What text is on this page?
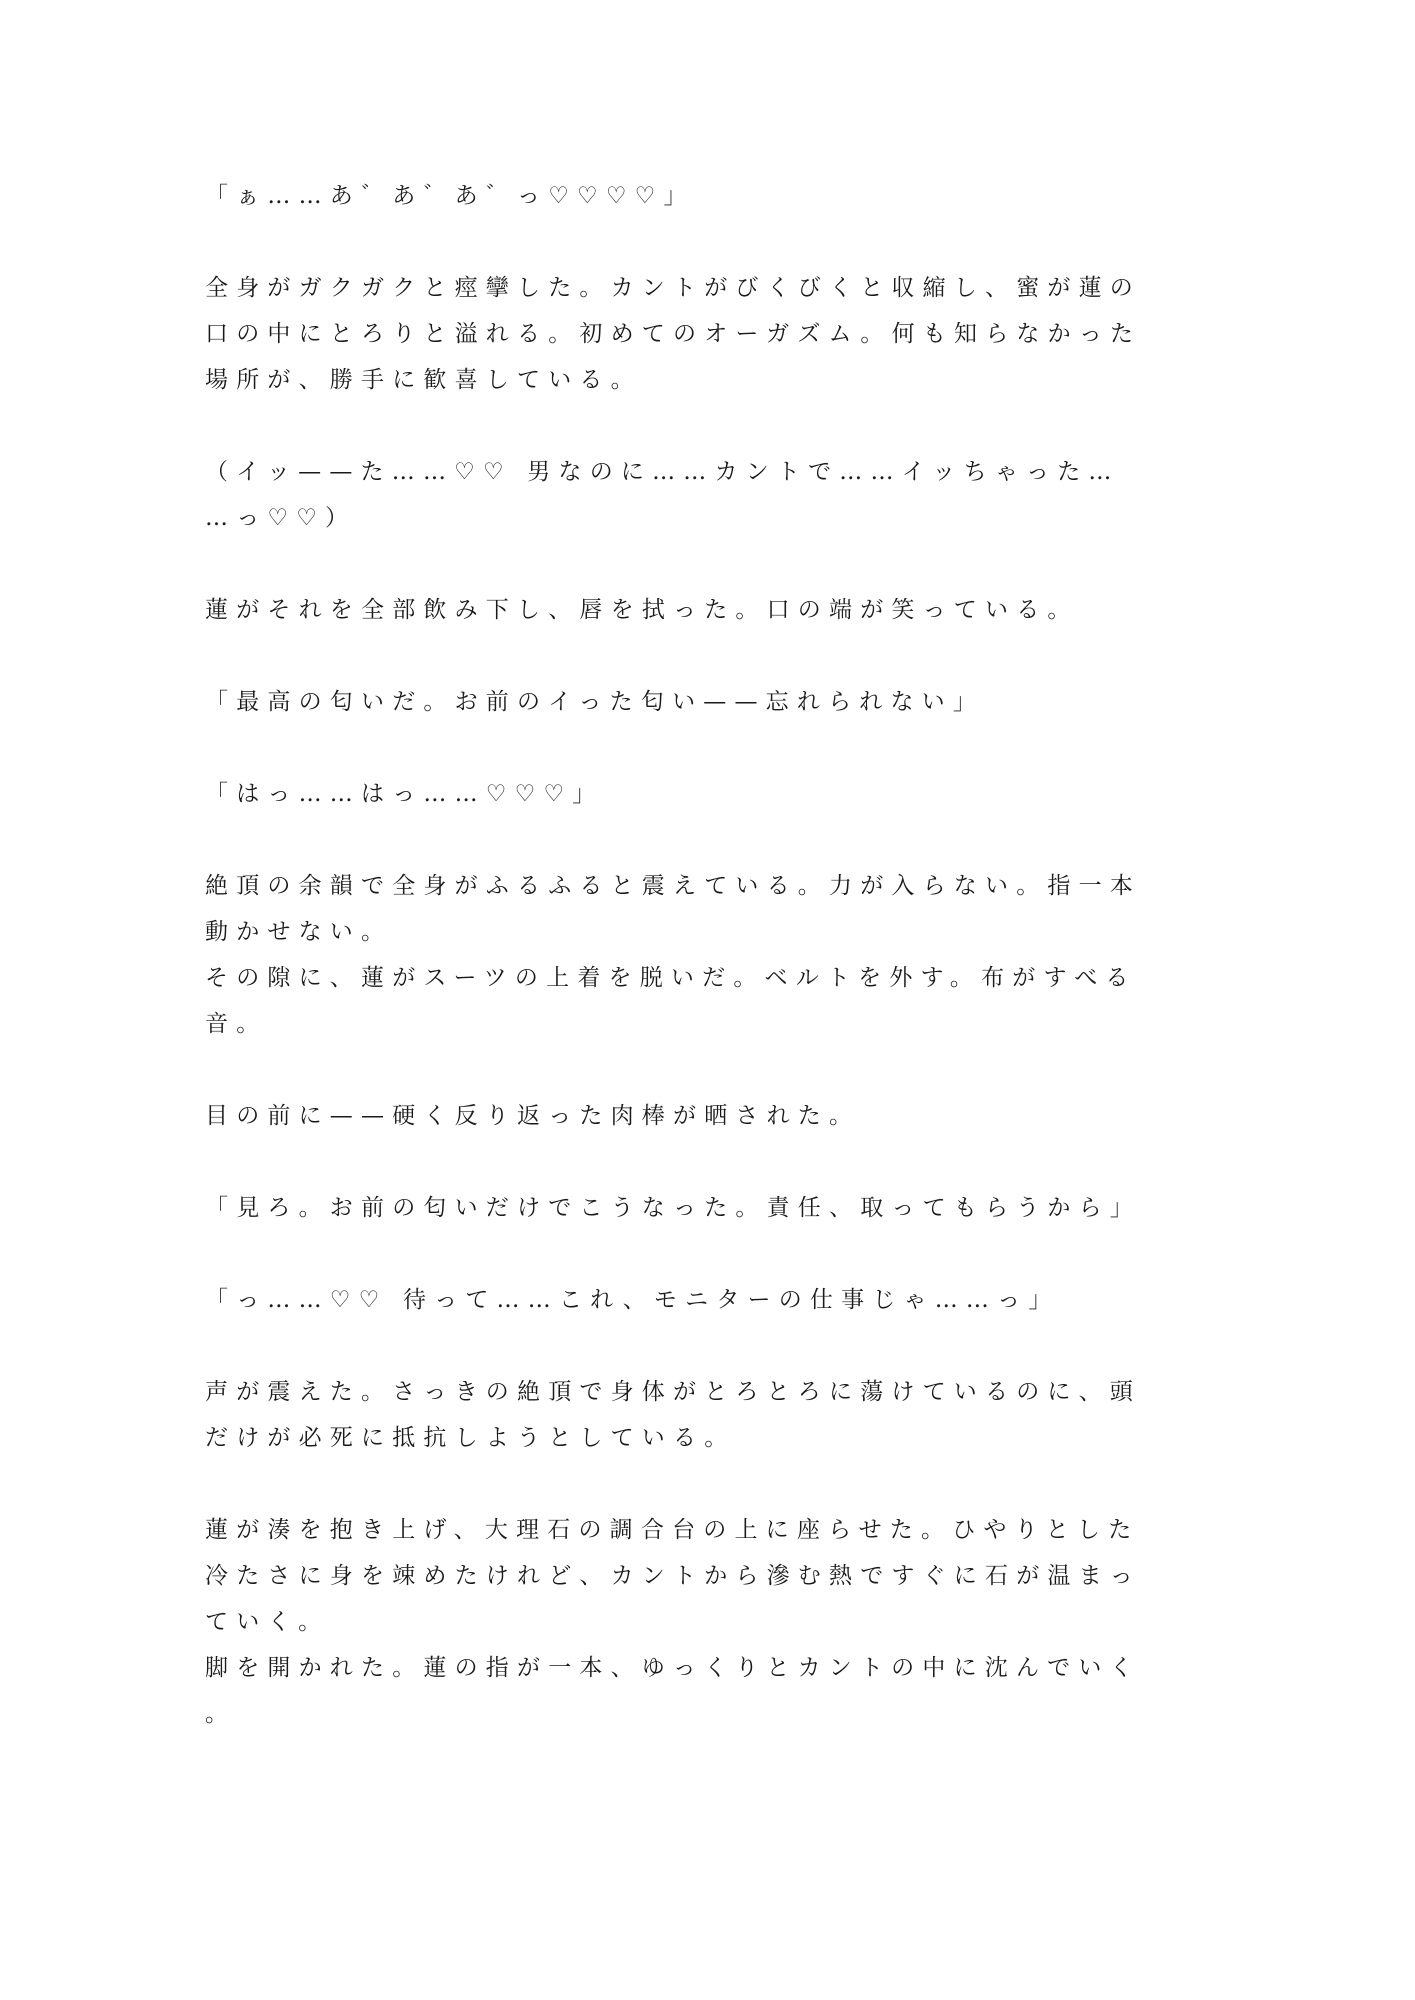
「ぁ……あ゛あ゛あ゛っ♡♡♡♡」
全身がガクガクと痙攣した。カントがびくびくと収縮し、蜜が蓮の
口の中にとろりと溢れる。初めてのオーガズム。何も知らなかった
場所が、勝手に歓喜している。
（イッ——た……♡♡ 男なのに……カントで……イッちゃった…
…っ♡♡）
蓮がそれを全部飲み下し、唇を拭った。口の端が笑っている。
「最高の匂いだ。お前のイった匂い——忘れられない」
「はっ……はっ……♡♡♡」
絶頂の余韻で全身がふるふると震えている。力が入らない。指一本
動かせない。
その隙に、蓮がスーツの上着を脱いだ。ベルトを外す。布がすべる
音。
目の前に——硬く反り返った肉棒が晒された。
「見ろ。お前の匂いだけでこうなった。責任、取ってもらうから」
「っ……♡♡ 待って……これ、モニターの仕事じゃ……っ」
声が震えた。さっきの絶頂で身体がとろとろに蕩けているのに、頭
だけが必死に抵抗しようとしている。
蓮が湊を抱き上げ、大理石の調合台の上に座らせた。ひやりとした
冷たさに身を竦めたけれど、カントから滲む熱ですぐに石が温まっ
ていく。
脚を開かれた。蓮の指が一本、ゆっくりとカントの中に沈んでいく
。
